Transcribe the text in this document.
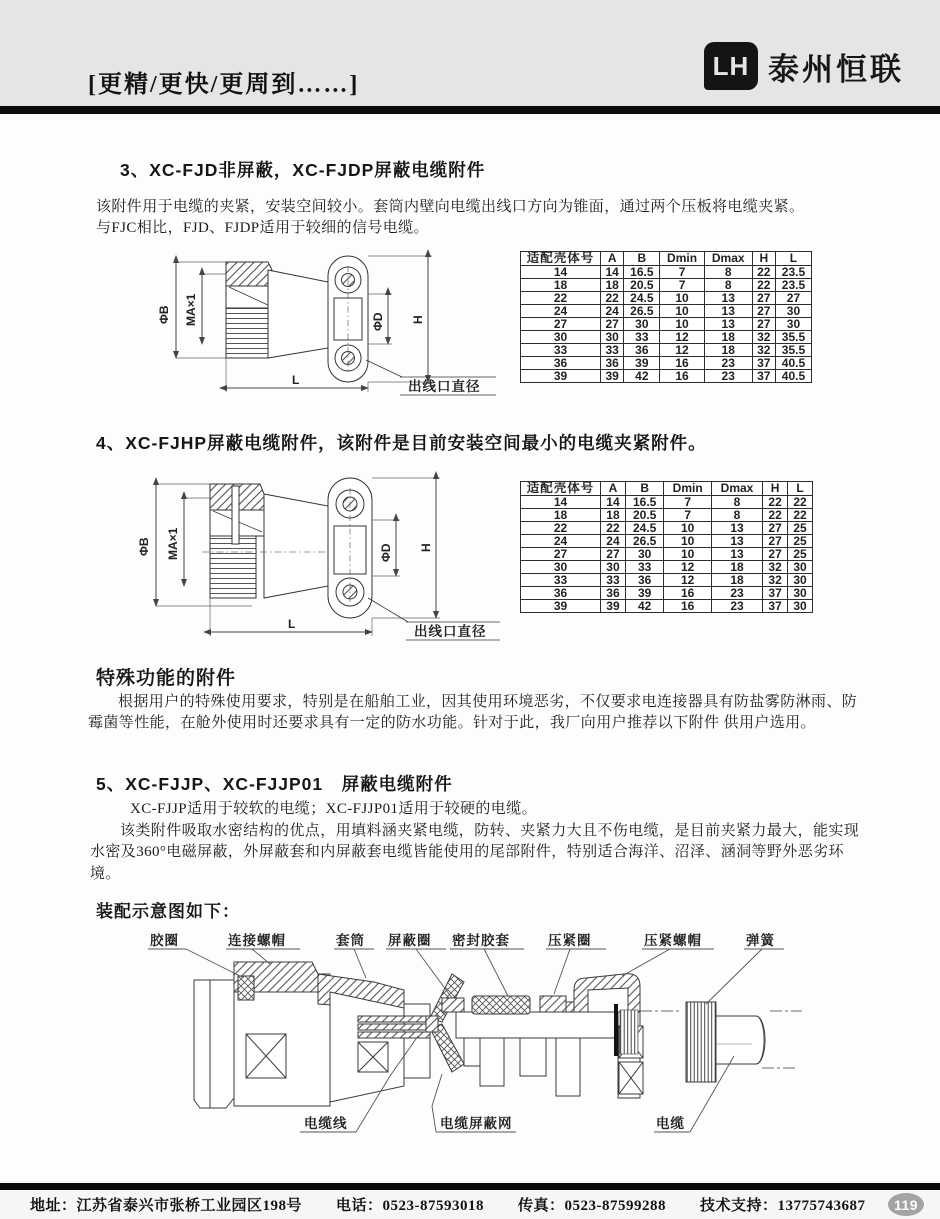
[更精/更快/更周到……]
LH 泰州恒联
3、XC-FJD非屏蔽，XC-FJDP屏蔽电缆附件
该附件用于电缆的夹紧，安装空间较小。套筒内壁向电缆出线口方向为锥面，通过两个压板将电缆夹紧。与FJC相比，FJD、FJDP适用于较细的信号电缆。
ΦB MA×1	ΦD H
L	出线口直径
适配壳体号	A	B	Dmin	Dmax	H	L
14	14	16.5	7	8	22	23.5
18	18	20.5	7	8	22	23.5
22	22	24.5	10	13	27	27
24	24	26.5	10	13	27	30
27	27	30	10	13	27	30
30	30	33	12	18	32	35.5
33	33	36	12	18	32	35.5
36	36	39	16	23	37	40.5
39	39	42	16	23	37	40.5
4、XC-FJHP屏蔽电缆附件，该附件是目前安装空间最小的电缆夹紧附件。
ΦB MA×1	ΦD H
L	出线口直径
适配壳体号	A	B	Dmin	Dmax	H	L
14	14	16.5	7	8	22	22
18	18	20.5	7	8	22	22
22	22	24.5	10	13	27	25
24	24	26.5	10	13	27	25
27	27	30	10	13	27	25
30	30	33	12	18	32	30
33	33	36	12	18	32	30
36	36	39	16	23	37	30
39	39	42	16	23	37	30
特殊功能的附件
根据用户的特殊使用要求，特别是在船舶工业，因其使用环境恶劣，不仅要求电连接器具有防盐雾防淋雨、防霉菌等性能，在舱外使用时还要求具有一定的防水功能。针对于此，我厂向用户推荐以下附件 供用户选用。
5、XC-FJJP、XC-FJJP01　屏蔽电缆附件
XC-FJJP适用于较软的电缆；XC-FJJP01适用于较硬的电缆。
该类附件吸取水密结构的优点，用填料涵夹紧电缆，防转、夹紧力大且不伤电缆，是目前夹紧力最大，能实现水密及360°电磁屏蔽，外屏蔽套和内屏蔽套电缆皆能使用的尾部附件，特别适合海洋、沼泽、涵洞等野外恶劣环境。
装配示意图如下：
胶圈	连接螺帽	套筒 屏蔽圈 密封胶套	压紧圈	压紧螺帽	弹簧
电缆线	电缆屏蔽网	电缆
地址：江苏省泰兴市张桥工业园区198号 电话：0523-87593018 传真：0523-87599288 技术支持：13775743687	119
